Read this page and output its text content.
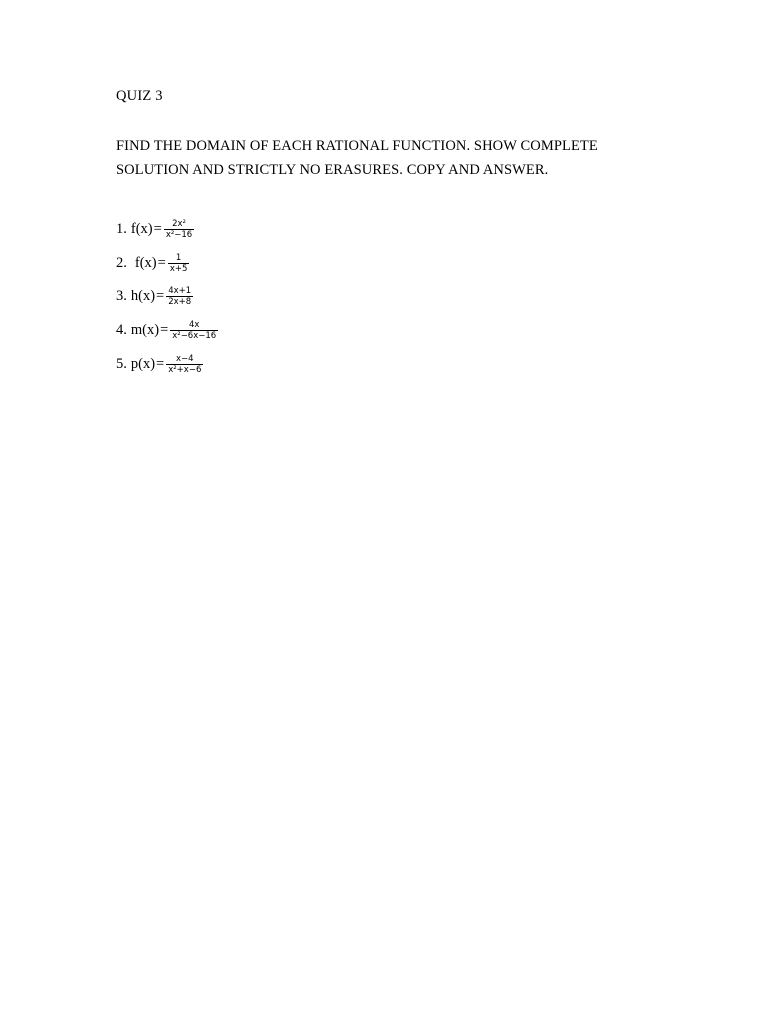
QUIZ 3
FIND THE DOMAIN OF EACH RATIONAL FUNCTION. SHOW COMPLETE
SOLUTION AND STRICTLY NO ERASURES. COPY AND ANSWER.
1. $f(x) = \frac{\text{2x²}}{\text{x²−16}}$
2. $f(x) = \frac{1}{x+5}$
3. $h(x) = \frac{4x+1}{2x+8}$
4. $m(x) = \frac{4x}{\text{x²−6x−16}}$
5. $p(x) = \frac{x-4}{\text{x²+x−6}}$
